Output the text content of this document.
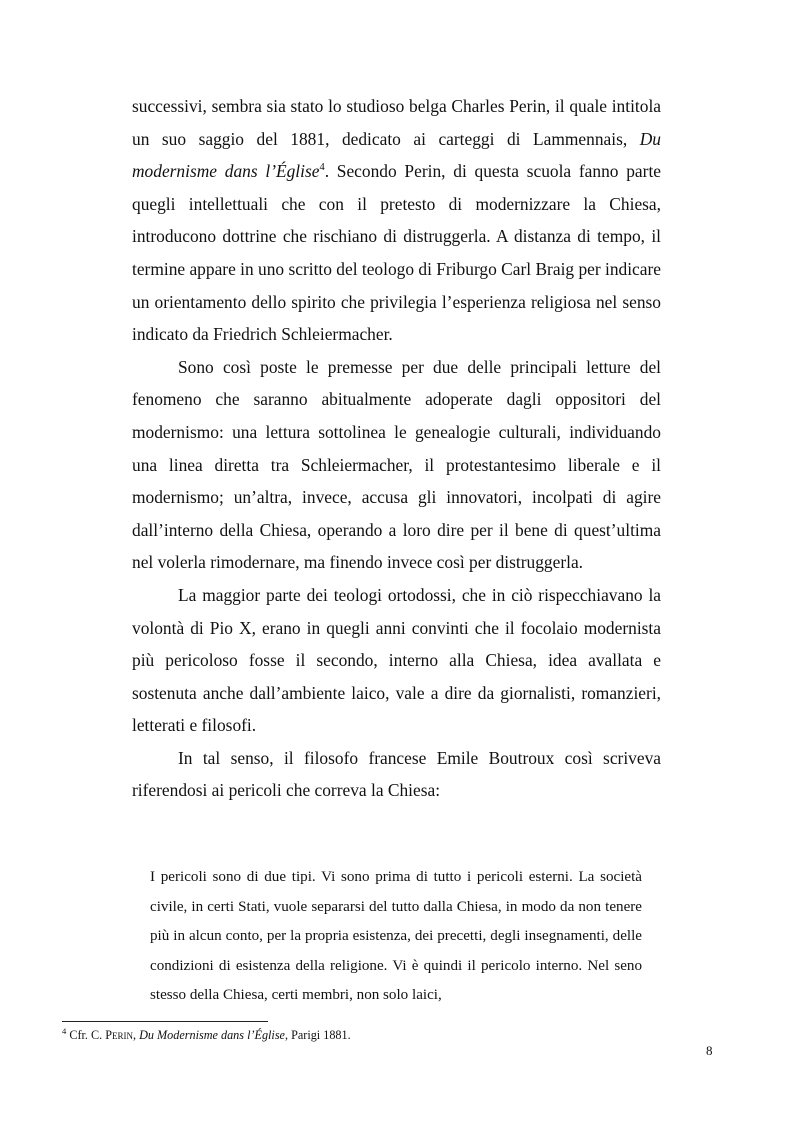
successivi, sembra sia stato lo studioso belga Charles Perin, il quale intitola un suo saggio del 1881, dedicato ai carteggi di Lammennais, Du modernisme dans l’Église$^4$. Secondo Perin, di questa scuola fanno parte quegli intellettuali che con il pretesto di modernizzare la Chiesa, introducono dottrine che rischiano di distruggerla. A distanza di tempo, il termine appare in uno scritto del teologo di Friburgo Carl Braig per indicare un orientamento dello spirito che privilegia l’esperienza religiosa nel senso indicato da Friedrich Schleiermacher.

Sono così poste le premesse per due delle principali letture del fenomeno che saranno abitualmente adoperate dagli oppositori del modernismo: una lettura sottolinea le genealogie culturali, individuando una linea diretta tra Schleiermacher, il protestantesimo liberale e il modernismo; un’altra, invece, accusa gli innovatori, incolpati di agire dall’interno della Chiesa, operando a loro dire per il bene di quest’ultima nel volerla rimodernare, ma finendo invece così per distruggerla.

La maggior parte dei teologi ortodossi, che in ciò rispecchiavano la volontà di Pio X, erano in quegli anni convinti che il focolaio modernista più pericoloso fosse il secondo, interno alla Chiesa, idea avallata e sostenuta anche dall’ambiente laico, vale a dire da giornalisti, romanzieri, letterati e filosofi.

In tal senso, il filosofo francese Emile Boutroux così scriveva riferendosi ai pericoli che correva la Chiesa:

I pericoli sono di due tipi. Vi sono prima di tutto i pericoli esterni. La società civile, in certi Stati, vuole separarsi del tutto dalla Chiesa, in modo da non tenere più in alcun conto, per la propria esistenza, dei precetti, degli insegnamenti, delle condizioni di esistenza della religione. Vi è quindi il pericolo interno. Nel seno stesso della Chiesa, certi membri, non solo laici,

$^4$ Cfr. C. Perin, Du Modernisme dans l’Église, Parigi 1881.
8
